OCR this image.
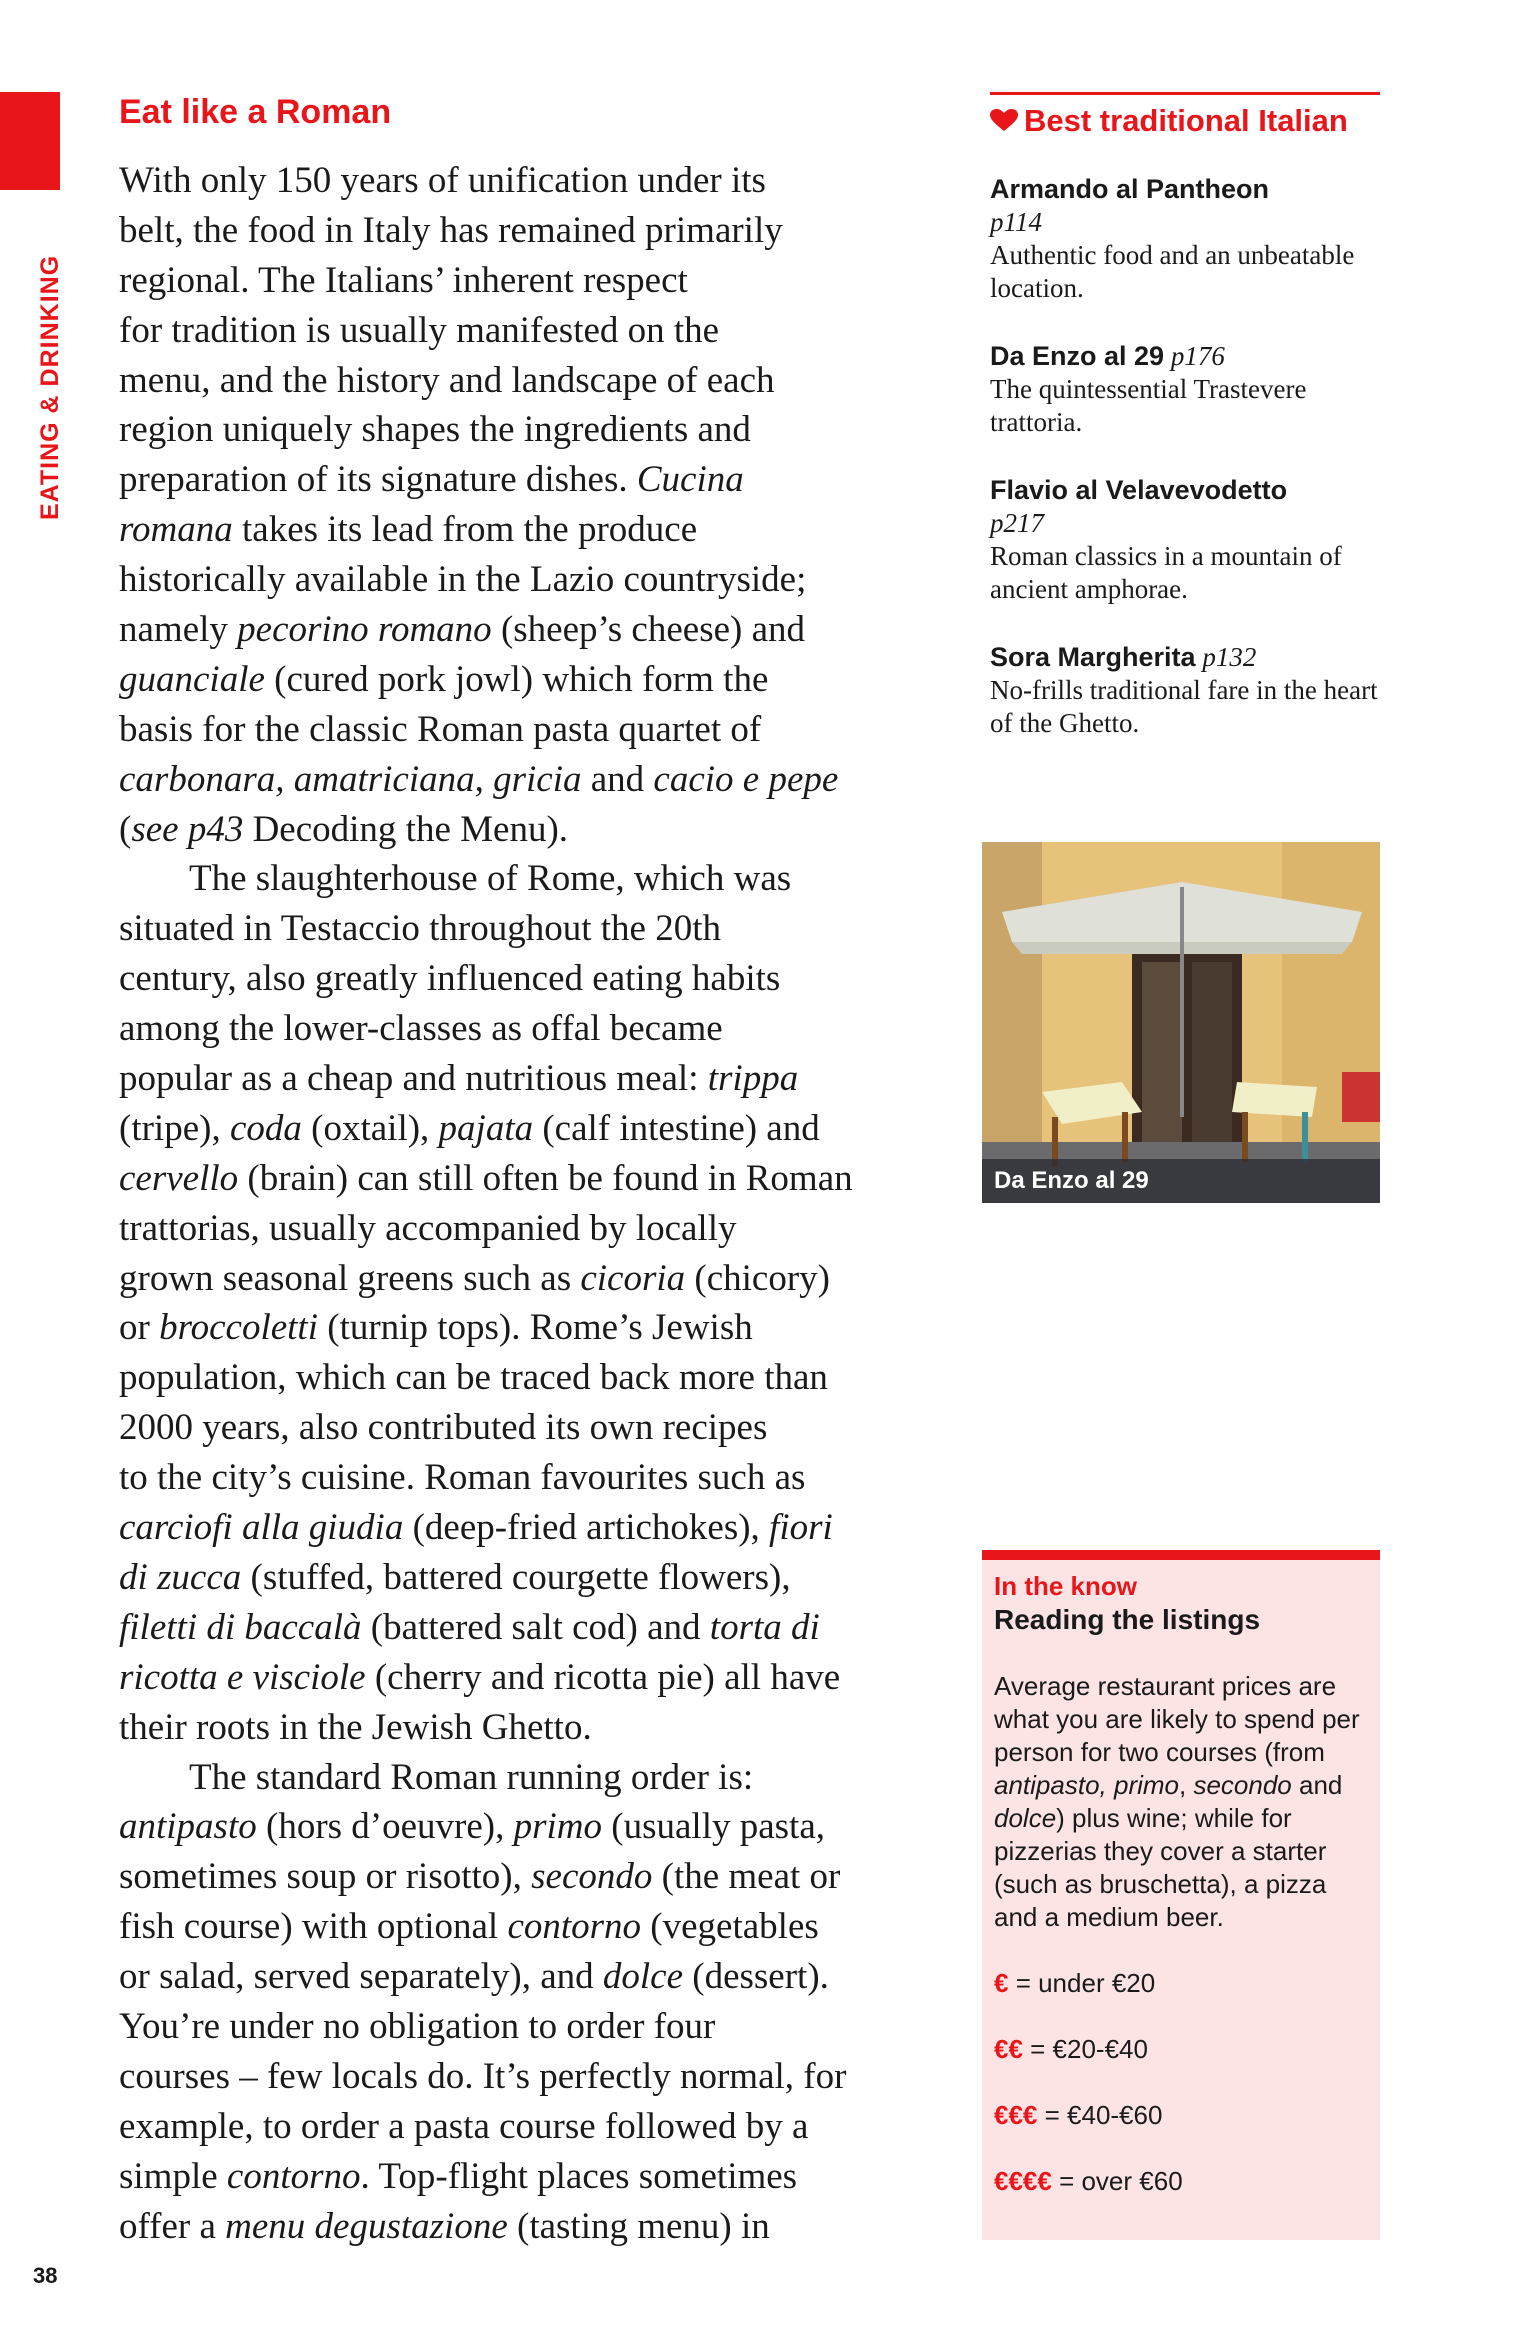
EATING & DRINKING
Eat like a Roman
With only 150 years of unification under its
belt, the food in Italy has remained primarily
regional. The Italians’ inherent respect
for tradition is usually manifested on the
menu, and the history and landscape of each
region uniquely shapes the ingredients and
preparation of its signature dishes. Cucina
romana takes its lead from the produce
historically available in the Lazio countryside;
namely pecorino romano (sheep’s cheese) and
guanciale (cured pork jowl) which form the
basis for the classic Roman pasta quartet of
carbonara, amatriciana, gricia and cacio e pepe
(see p43 Decoding the Menu).
The slaughterhouse of Rome, which was
situated in Testaccio throughout the 20th
century, also greatly influenced eating habits
among the lower-classes as offal became
popular as a cheap and nutritious meal: trippa
(tripe), coda (oxtail), pajata (calf intestine) and
cervello (brain) can still often be found in Roman
trattorias, usually accompanied by locally
grown seasonal greens such as cicoria (chicory)
or broccoletti (turnip tops). Rome’s Jewish
population, which can be traced back more than
2000 years, also contributed its own recipes
to the city’s cuisine. Roman favourites such as
carciofi alla giudia (deep-fried artichokes), fiori
di zucca (stuffed, battered courgette flowers),
filetti di baccalà (battered salt cod) and torta di
ricotta e visciole (cherry and ricotta pie) all have
their roots in the Jewish Ghetto.
The standard Roman running order is:
antipasto (hors d’oeuvre), primo (usually pasta,
sometimes soup or risotto), secondo (the meat or
fish course) with optional contorno (vegetables
or salad, served separately), and dolce (dessert).
You’re under no obligation to order four
courses – few locals do. It’s perfectly normal, for
example, to order a pasta course followed by a
simple contorno. Top-flight places sometimes
offer a menu degustazione (tasting menu) in
Best traditional Italian
Armando al Pantheon
p114
Authentic food and an unbeatable location.
Da Enzo al 29 p176
The quintessential Trastevere trattoria.
Flavio al Velavevodetto
p217
Roman classics in a mountain of ancient amphorae.
Sora Margherita p132
No-frills traditional fare in the heart of the Ghetto.
Da Enzo al 29
In the know
Reading the listings
Average restaurant prices are what you are likely to spend per person for two courses (from antipasto, primo, secondo and dolce) plus wine; while for pizzerias they cover a starter (such as bruschetta), a pizza and a medium beer.
€ = under €20
€€ = €20-€40
€€€ = €40-€60
€€€€ = over €60
38
